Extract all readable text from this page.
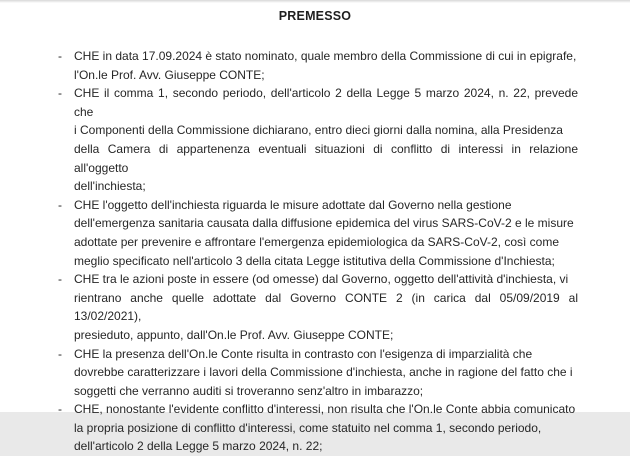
PREMESSO
-	CHE in data 17.09.2024 è stato nominato, quale membro della Commissione di cui in epigrafe,
l'On.le Prof. Avv. Giuseppe CONTE;
-	CHE il comma 1, secondo periodo, dell'articolo 2 della Legge 5 marzo 2024, n. 22, prevede che
i Componenti della Commissione dichiarano, entro dieci giorni dalla nomina, alla Presidenza
della Camera di appartenenza eventuali situazioni di conflitto di interessi in relazione all'oggetto
dell'inchiesta;
-	CHE l'oggetto dell'inchiesta riguarda le misure adottate dal Governo nella gestione
dell'emergenza sanitaria causata dalla diffusione epidemica del virus SARS-CoV-2 e le misure
adottate per prevenire e affrontare l'emergenza epidemiologica da SARS-CoV-2, così come
meglio specificato nell'articolo 3 della citata Legge istitutiva della Commissione d'Inchiesta;
-	CHE tra le azioni poste in essere (od omesse) dal Governo, oggetto dell'attività d'inchiesta, vi
rientrano anche quelle adottate dal Governo CONTE 2 (in carica dal 05/09/2019 al 13/02/2021),
presieduto, appunto, dall'On.le Prof. Avv. Giuseppe CONTE;
-	CHE la presenza dell'On.le Conte risulta in contrasto con l'esigenza di imparzialità che
dovrebbe caratterizzare i lavori della Commissione d'inchiesta, anche in ragione del fatto che i
soggetti che verranno auditi si troveranno senz'altro in imbarazzo;
-	CHE, nonostante l'evidente conflitto d'interessi, non risulta che l'On.le Conte abbia comunicato
la propria posizione di conflitto d'interessi, come statuito nel comma 1, secondo periodo,
dell'articolo 2 della Legge 5 marzo 2024, n. 22;
